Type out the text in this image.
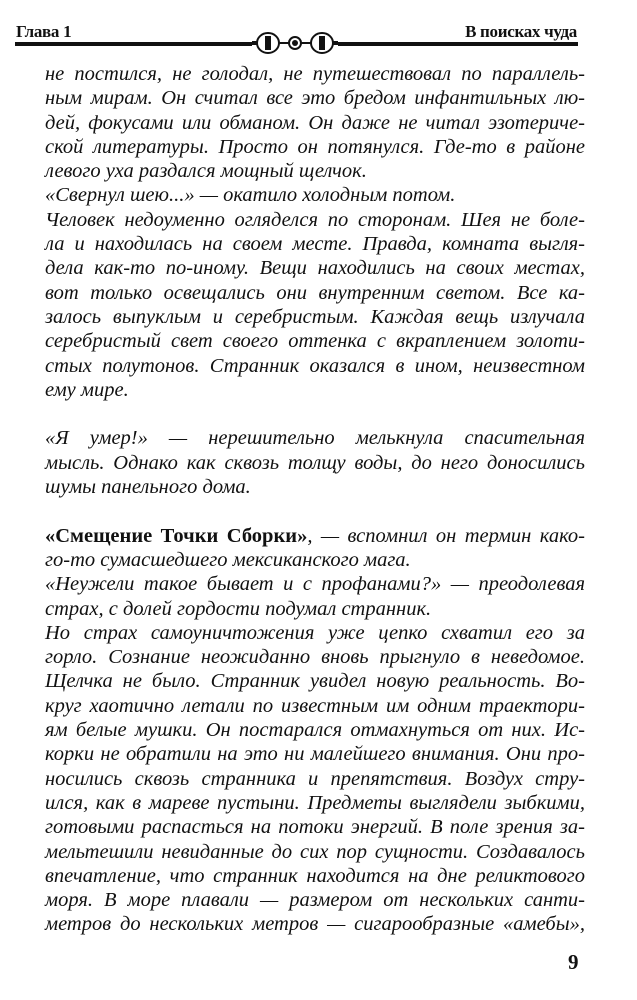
Глава 1	В поисках чуда
не постился, не голодал, не путешествовал по параллель-
ным мирам. Он считал все это бредом инфантильных лю-
дей, фокусами или обманом. Он даже не читал эзотериче-
ской литературы. Просто он потянулся. Где-то в районе
левого уха раздался мощный щелчок.
«Свернул шею...» — окатило холодным потом.
Человек недоуменно огляделся по сторонам. Шея не боле-
ла и находилась на своем месте. Правда, комната выгля-
дела как-то по-иному. Вещи находились на своих местах,
вот только освещались они внутренним светом. Все ка-
залось выпуклым и серебристым. Каждая вещь излучала
серебристый свет своего оттенка с вкраплением золоти-
стых полутонов. Странник оказался в ином, неизвестном
ему мире.
«Я умер!» — нерешительно мелькнула спасительная
мысль. Однако как сквозь толщу воды, до него доносились
шумы панельного дома.
«Смещение Точки Сборки», — вспомнил он термин како-
го-то сумасшедшего мексиканского мага.
«Неужели такое бывает и с профанами?» — преодолевая
страх, с долей гордости подумал странник.
Но страх самоуничтожения уже цепко схватил его за
горло. Сознание неожиданно вновь прыгнуло в неведомое.
Щелчка не было. Странник увидел новую реальность. Во-
круг хаотично летали по известным им одним траектори-
ям белые мушки. Он постарался отмахнуться от них. Ис-
корки не обратили на это ни малейшего внимания. Они про-
носились сквозь странника и препятствия. Воздух стру-
ился, как в мареве пустыни. Предметы выглядели зыбкими,
готовыми распасться на потоки энергий. В поле зрения за-
мельтешили невиданные до сих пор сущности. Создавалось
впечатление, что странник находится на дне реликтового
моря. В море плавали — размером от нескольких санти-
метров до нескольких метров — сигарообразные «амебы»,
9
